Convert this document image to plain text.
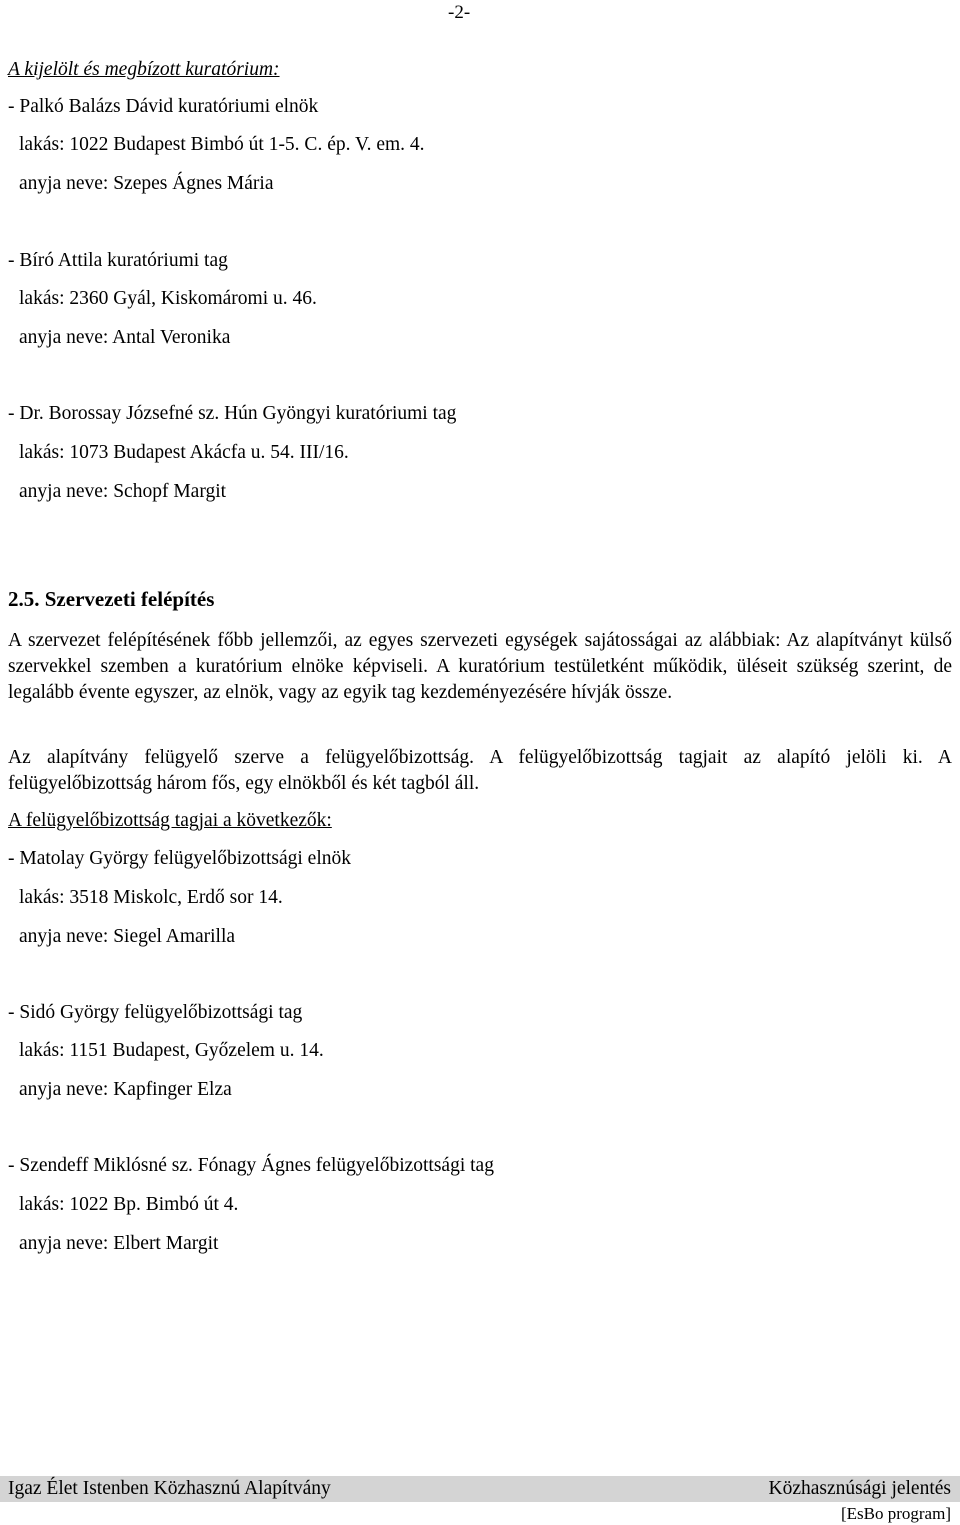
-2-
A kijelölt és megbízott kuratórium:
- Palkó Balázs Dávid kuratóriumi elnök
lakás: 1022 Budapest Bimbó út 1-5. C. ép. V. em. 4.
anyja neve: Szepes Ágnes Mária
- Bíró Attila kuratóriumi tag
lakás: 2360 Gyál, Kiskomáromi u. 46.
anyja neve: Antal Veronika
- Dr. Borossay Józsefné sz. Hún Gyöngyi kuratóriumi tag
lakás: 1073 Budapest Akácfa u. 54. III/16.
anyja neve: Schopf Margit
2.5. Szervezeti felépítés
A szervezet felépítésének főbb jellemzői, az egyes szervezeti egységek sajátosságai az alábbiak: Az alapítványt külső szervekkel szemben a kuratórium elnöke képviseli. A kuratórium testületként működik, üléseit szükség szerint, de legalább évente egyszer, az elnök, vagy az egyik tag kezdeményezésére hívják össze.
Az alapítvány felügyelő szerve a felügyelőbizottság. A felügyelőbizottság tagjait az alapító jelöli ki. A felügyelőbizottság három fős, egy elnökből és két tagból áll.
A felügyelőbizottság tagjai a következők:
- Matolay György felügyelőbizottsági elnök
lakás: 3518 Miskolc, Erdő sor 14.
anyja neve: Siegel Amarilla
- Sidó György felügyelőbizottsági tag
lakás: 1151 Budapest, Győzelem u. 14.
anyja neve: Kapfinger Elza
- Szendeff Miklósné sz. Fónagy Ágnes felügyelőbizottsági tag
lakás: 1022 Bp. Bimbó út 4.
anyja neve: Elbert Margit
Igaz Élet Istenben Közhasznú Alapítvány	Közhasznúsági jelentés
[EsBo program]
